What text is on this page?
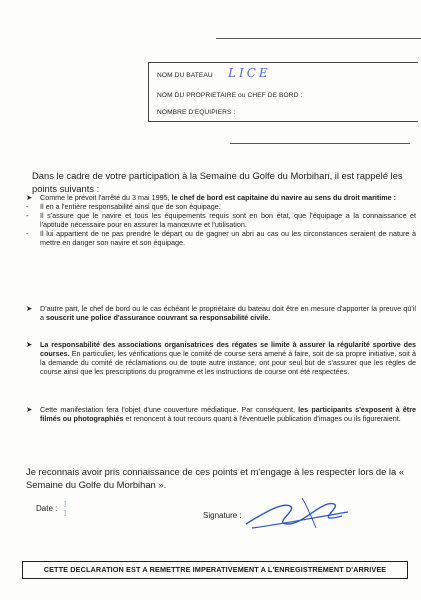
NOM DU BATEAU
NOM DU PROPRIETAIRE ou CHEF DE BORD :
NOMBRE D'EQUIPIERS :
LICE
Dans le cadre de votre participation à la Semaine du Golfe du Morbihan, il est rappelé les points suivants :
➤	Comme le prévoit l'arrêté du 3 mai 1995, le chef de bord est capitaine du navire au sens du droit maritime :
-	Il en a l'entière responsabilité ainsi que de son équipage.
-	Il s'assure que le navire et tous les équipements requis sont en bon état, que l'équipage a la connaissance et l'aptitude nécessaire pour en assurer la manœuvre et l'utilisation.
-	Il lui appartient de ne pas prendre le départ ou de gagner un abri au cas ou les circonstances seraient de nature à mettre en danger son navire et son équipage.
➤	D'autre part, le chef de bord ou le cas échéant le propriétaire du bateau doit être en mesure d'apporter la preuve qu'il a souscrit une police d'assurance couvrant sa responsabilité civile.
➤	La responsabilité des associations organisatrices des régates se limite à assurer la régularité sportive des courses. En particulier, les vérifications que le comité de course sera amené à faire, soit de sa propre initiative, soit à la demande du comité de réclamations ou de toute autre instance, ont pour seul but de s'assurer que les règles de course ainsi que les prescriptions du programme et les instructions de course ont été respectées.
➤	Cette manifestation fera l'objet d'une couverture médiatique. Par conséquent, les participants s'exposent à être filmés ou photographiés et renoncent à tout recours quant à l'éventuelle publication d'images ou ils figureraient.
Je reconnais avoir pris connaissance de ces points et m'engage à les respecter lors de la « Semaine du Golfe du Morbihan ».
Date : ⁞
⁞	Signature :
CETTE DECLARATION EST A REMETTRE IMPERATIVEMENT A L'ENREGISTREMENT D'ARRIVEE
